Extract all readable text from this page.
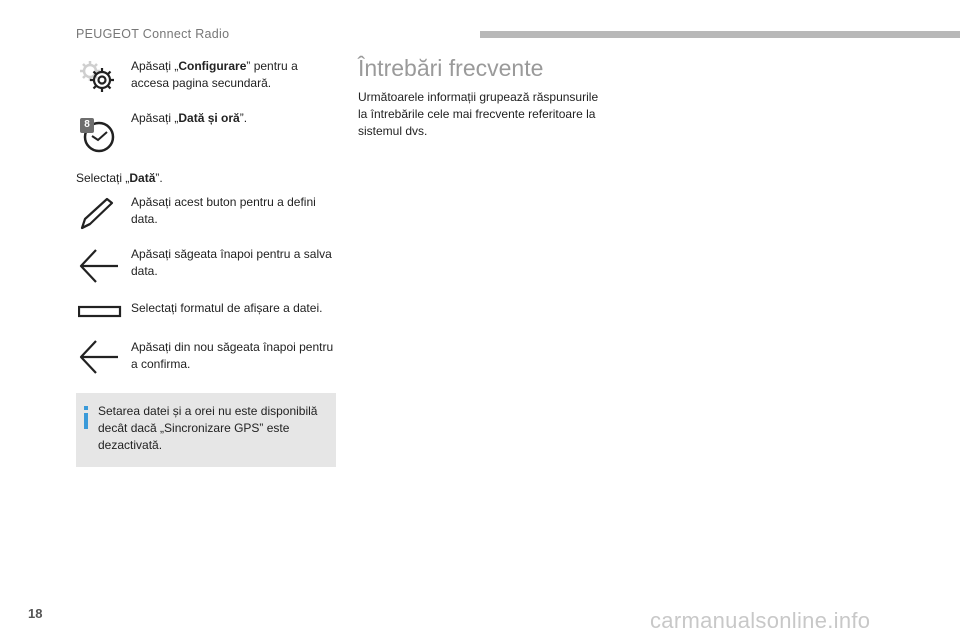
PEUGEOT Connect Radio
Apăsați „Configurare” pentru a accesa pagina secundară.
8	Apăsați „Dată și oră”.
Selectați „Dată”.
Apăsați acest buton pentru a defini data.
Apăsați săgeata înapoi pentru a salva data.
Selectați formatul de afișare a datei.
Apăsați din nou săgeata înapoi pentru a confirma.
Setarea datei și a orei nu este disponibilă decât dacă „Sincronizare GPS” este dezactivată.
Întrebări frecvente
Următoarele informații grupează răspunsurile la întrebările cele mai frecvente referitoare la sistemul dvs.
18	carmanualsonline.info
